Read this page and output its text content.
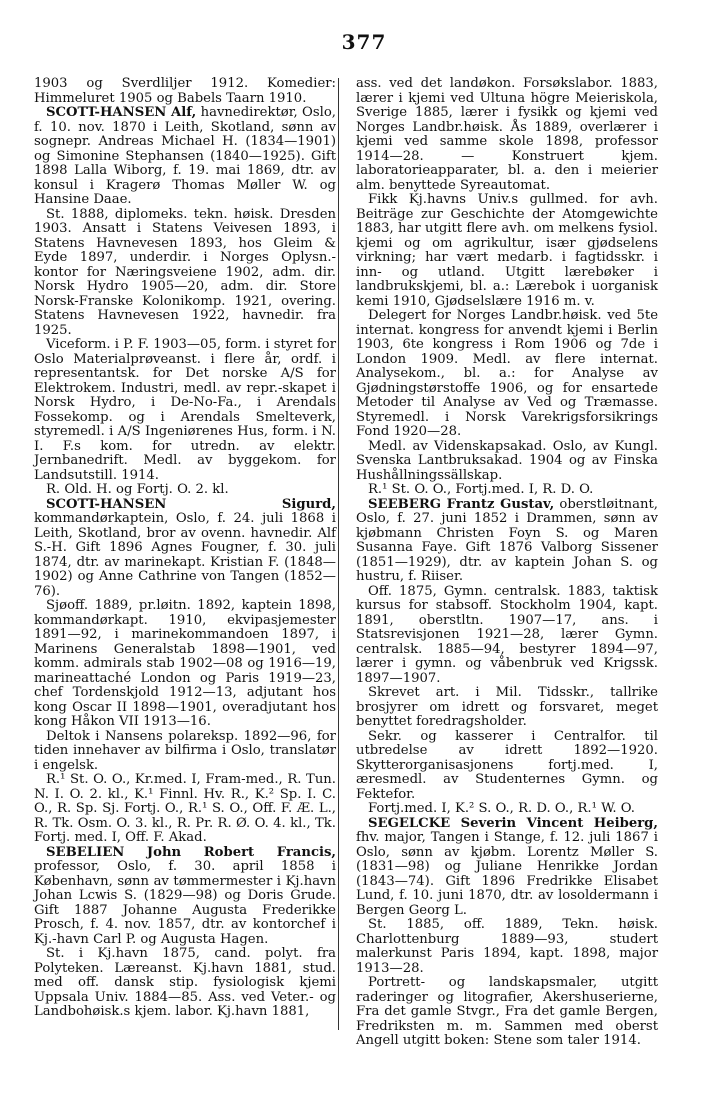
377

1903 og Sverdliljer 1912. Komedier: Himmeluret 1905 og Babels Taarn 1910.

SCOTT-HANSEN Alf, havnedirektør, Oslo, f. 10. nov. 1870 i Leith, Skotland, sønn av sognepr. Andreas Michael H. (1834—1901) og Simonine Stephansen (1840—1925). Gift 1898 Lalla Wiborg, f. 19. mai 1869, dtr. av konsul i Kragerø Thomas Møller W. og Hansine Daae.

St. 1888, diplomeks. tekn. høisk. Dresden 1903. Ansatt i Statens Veivesen 1893, i Statens Havnevesen 1893, hos Gleim & Eyde 1897, underdir. i Norges Oplysn.-kontor for Næringsveiene 1902, adm. dir. Norsk Hydro 1905—20, adm. dir. Store Norsk-Franske Kolonikomp. 1921, overing. Statens Havnevesen 1922, havnedir. fra 1925.

Viceform. i P. F. 1903—05, form. i styret for Oslo Materialprøveanst. i flere år, ordf. i representantsk. for Det norske A/S for Elektrokem. Industri, medl. av repr.-skapet i Norsk Hydro, i De-No-Fa., i Arendals Fossekomp. og i Arendals Smelteverk, styremedl. i A/S Ingeniørenes Hus, form. i N. I. F.s kom. for utredn. av elektr. Jernbanedrift. Medl. av byggekom. for Landsutstill. 1914.

R. Old. H. og Fortj. O. 2. kl.

SCOTT-HANSEN Sigurd, kommandørkaptein, Oslo, f. 24. juli 1868 i Leith, Skotland, bror av ovenn. havnedir. Alf S.-H. Gift 1896 Agnes Fougner, f. 30. juli 1874, dtr. av marinekapt. Kristian F. (1848—1902) og Anne Cathrine von Tangen (1852—76).

Sjøoff. 1889, pr.løitn. 1892, kaptein 1898, kommandørkapt. 1910, ekvipasjemester 1891—92, i marinekommandoen 1897, i Marinens Generalstab 1898—1901, ved komm. admirals stab 1902—08 og 1916—19, marineattaché London og Paris 1919—23, chef Tordenskjold 1912—13, adjutant hos kong Oscar II 1898—1901, overadjutant hos kong Håkon VII 1913—16.

Deltok i Nansens polareksp. 1892—96, for tiden innehaver av bilfirma i Oslo, translatør i engelsk.

R.¹ St. O. O., Kr.med. I, Fram-med., R. Tun. N. I. O. 2. kl., K.¹ Finnl. Hv. R., K.² Sp. I. C. O., R. Sp. Sj. Fortj. O., R.¹ S. O., Off. F. Æ. L., R. Tk. Osm. O. 3. kl., R. Pr. R. Ø. O. 4. kl., Tk. Fortj. med. I, Off. F. Akad.

SEBELIEN John Robert Francis, professor, Oslo, f. 30. april 1858 i København, sønn av tømmermester i Kj.havn Johan Lcwis S. (1829—98) og Doris Grude. Gift 1887 Johanne Augusta Frederikke Prosch, f. 4. nov. 1857, dtr. av kontorchef i Kj.-havn Carl P. og Augusta Hagen.

St. i Kj.havn 1875, cand. polyt. fra Polyteken. Læreanst. Kj.havn 1881, stud. med off. dansk stip. fysiologisk kjemi Uppsala Univ. 1884—85. Ass. ved Veter.- og Landbohøisk.s kjem. labor. Kj.havn 1881,

ass. ved det landøkon. Forsøkslabor. 1883, lærer i kjemi ved Ultuna högre Meieriskola, Sverige 1885, lærer i fysikk og kjemi ved Norges Landbr.høisk. Ås 1889, overlærer i kjemi ved samme skole 1898, professor 1914—28. — Konstruert kjem. laboratorieapparater, bl. a. den i meierier alm. benyttede Syreautomat.

Fikk Kj.havns Univ.s gullmed. for avh. Beiträge zur Geschichte der Atomgewichte 1883, har utgitt flere avh. om melkens fysiol. kjemi og om agrikultur, især gjødselens virkning; har vært medarb. i fagtidsskr. i inn- og utland. Utgitt lærebøker i landbrukskjemi, bl. a.: Lærebok i uorganisk kemi 1910, Gjødselslære 1916 m. v.

Delegert for Norges Landbr.høisk. ved 5te internat. kongress for anvendt kjemi i Berlin 1903, 6te kongress i Rom 1906 og 7de i London 1909. Medl. av flere internat. Analysekom., bl. a.: for Analyse av Gjødningstørstoffe 1906, og for ensartede Metoder til Analyse av Ved og Træmasse. Styremedl. i Norsk Varekrigsforsikrings Fond 1920—28.

Medl. av Videnskapsakad. Oslo, av Kungl. Svenska Lantbruksakad. 1904 og av Finska Hushållningssällskap.

R.¹ St. O. O., Fortj.med. I, R. D. O.

SEEBERG Frantz Gustav, oberstløitnant, Oslo, f. 27. juni 1852 i Drammen, sønn av kjøbmann Christen Foyn S. og Maren Susanna Faye. Gift 1876 Valborg Sissener (1851—1929), dtr. av kaptein Johan S. og hustru, f. Riiser.

Off. 1875, Gymn. centralsk. 1883, taktisk kursus for stabsoff. Stockholm 1904, kapt. 1891, oberstltn. 1907—17, ans. i Statsrevisjonen 1921—28, lærer Gymn. centralsk. 1885—94, bestyrer 1894—97, lærer i gymn. og våbenbruk ved Krigssk. 1897—1907.

Skrevet art. i Mil. Tidsskr., tallrike brosjyrer om idrett og forsvaret, meget benyttet foredragsholder.

Sekr. og kasserer i Centralfor. til utbredelse av idrett 1892—1920. Skytterorganisasjonens fortj.med. I, æresmedl. av Studenternes Gymn. og Fektefor.

Fortj.med. I, K.² S. O., R. D. O., R.¹ W. O.

SEGELCKE Severin Vincent Heiberg, fhv. major, Tangen i Stange, f. 12. juli 1867 i Oslo, sønn av kjøbm. Lorentz Møller S. (1831—98) og Juliane Henrikke Jordan (1843—74). Gift 1896 Fredrikke Elisabet Lund, f. 10. juni 1870, dtr. av losoldermann i Bergen Georg L.

St. 1885, off. 1889, Tekn. høisk. Charlottenburg 1889—93, studert malerkunst Paris 1894, kapt. 1898, major 1913—28.

Portrett- og landskapsmaler, utgitt raderinger og litografier, Akershuserierne, Fra det gamle Stvgr., Fra det gamle Bergen, Fredriksten m. m. Sammen med oberst Angell utgitt boken: Stene som taler 1914.
